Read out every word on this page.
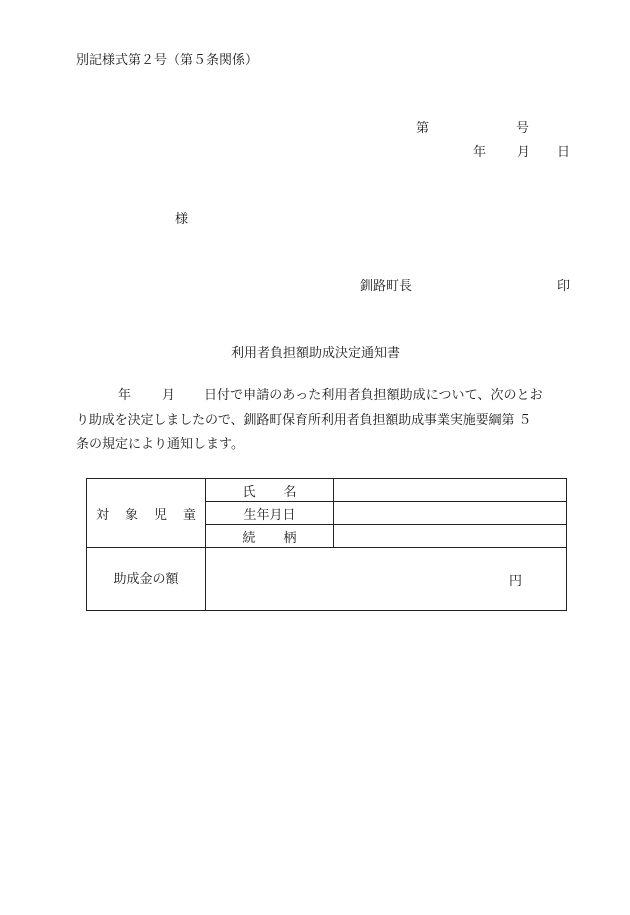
別記様式第２号（第５条関係）
第	号
年 月 日
様
釧路町長	印
利用者負担額助成決定通知書
年 月 日付で申請のあった利用者負担額助成について、次のとお
り助成を決定しましたので、釧路町保育所利用者負担額助成事業実施要綱第 ５
条の規定により通知します。
対 象 児 童	氏 名	
	生年月日	
	続 柄	
助成金の額	円	
